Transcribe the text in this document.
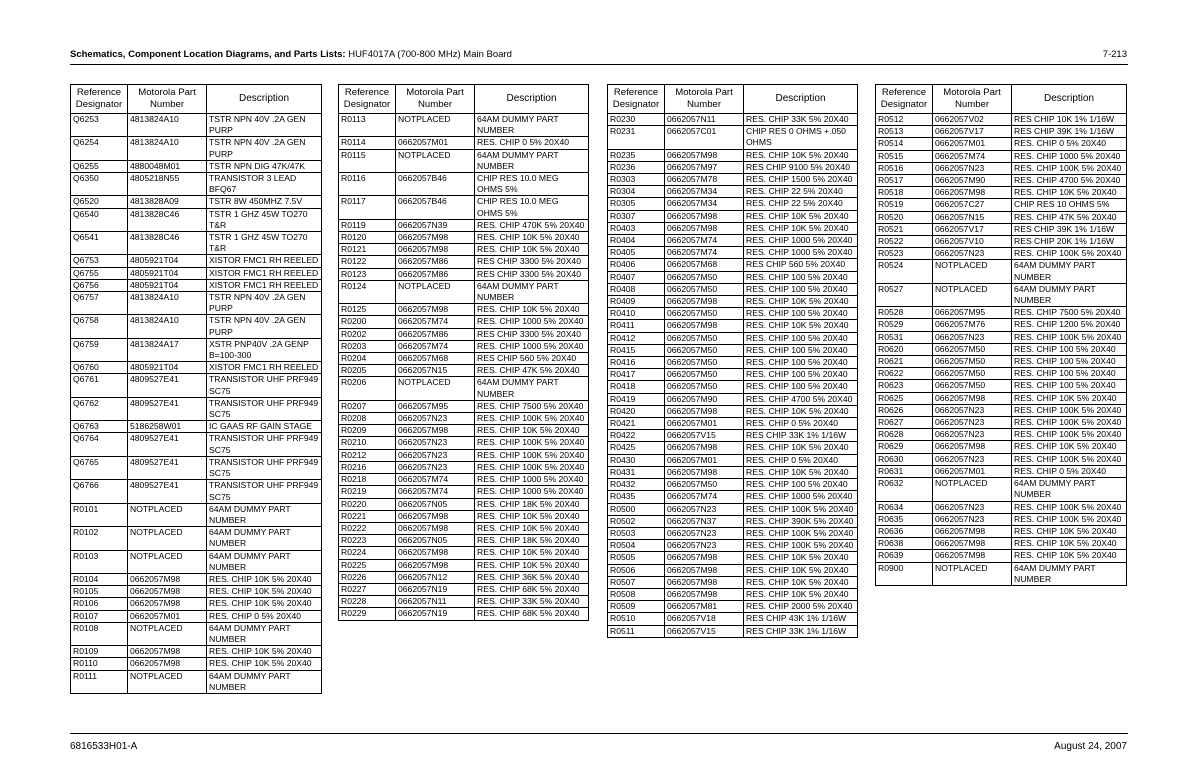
Schematics, Component Location Diagrams, and Parts Lists: HUF4017A (700-800 MHz) Main Board	7-213
Reference Designator	Motorola Part Number	Description
Q6253	4813824A10	TSTR NPN 40V .2A GEN PURP
Q6254	4813824A10	TSTR NPN 40V .2A GEN PURP
Q6255	4880048M01	TSTR NPN DIG 47K/47K
Q6350	4805218N55	TRANSISTOR 3 LEAD BFQ67
Q6520	4813828A09	TSTR 8W 450MHZ 7.5V
Q6540	4813828C46	TSTR 1 GHZ 45W TO270 T&R
Q6541	4813828C46	TSTR 1 GHZ 45W TO270 T&R
Q6753	4805921T04	XISTOR FMC1 RH REELED
Q6755	4805921T04	XISTOR FMC1 RH REELED
Q6756	4805921T04	XISTOR FMC1 RH REELED
Q6757	4813824A10	TSTR NPN 40V .2A GEN PURP
Q6758	4813824A10	TSTR NPN 40V .2A GEN PURP
Q6759	4813824A17	XSTR PNP40V .2A GENP B=100-300
Q6760	4805921T04	XISTOR FMC1 RH REELED
Q6761	4809527E41	TRANSISTOR UHF PRF949 SC75
Q6762	4809527E41	TRANSISTOR UHF PRF949 SC75
Q6763	5186258W01	IC GAAS RF GAIN STAGE
Q6764	4809527E41	TRANSISTOR UHF PRF949 SC75
Q6765	4809527E41	TRANSISTOR UHF PRF949 SC75
Q6766	4809527E41	TRANSISTOR UHF PRF949 SC75
R0101	NOTPLACED	64AM DUMMY PART NUMBER
R0102	NOTPLACED	64AM DUMMY PART NUMBER
R0103	NOTPLACED	64AM DUMMY PART NUMBER
R0104	0662057M98	RES. CHIP 10K 5% 20X40
R0105	0662057M98	RES. CHIP 10K 5% 20X40
R0106	0662057M98	RES. CHIP 10K 5% 20X40
R0107	0662057M01	RES. CHIP 0 5% 20X40
R0108	NOTPLACED	64AM DUMMY PART NUMBER
R0109	0662057M98	RES. CHIP 10K 5% 20X40
R0110	0662057M98	RES. CHIP 10K 5% 20X40
R0111	NOTPLACED	64AM DUMMY PART NUMBER
Reference Designator	Motorola Part Number	Description
R0113	NOTPLACED	64AM DUMMY PART NUMBER
R0114	0662057M01	RES. CHIP 0 5% 20X40
R0115	NOTPLACED	64AM DUMMY PART NUMBER
R0116	0662057B46	CHIP RES 10.0 MEG OHMS 5%
R0117	0662057B46	CHIP RES 10.0 MEG OHMS 5%
R0119	0662057N39	RES. CHIP 470K 5% 20X40
R0120	0662057M98	RES. CHIP 10K 5% 20X40
R0121	0662057M98	RES. CHIP 10K 5% 20X40
R0122	0662057M86	RES CHIP 3300 5% 20X40
R0123	0662057M86	RES CHIP 3300 5% 20X40
R0124	NOTPLACED	64AM DUMMY PART NUMBER
R0125	0662057M98	RES. CHIP 10K 5% 20X40
R0200	0662057M74	RES. CHIP 1000 5% 20X40
R0202	0662057M86	RES CHIP 3300 5% 20X40
R0203	0662057M74	RES. CHIP 1000 5% 20X40
R0204	0662057M68	RES CHIP 560 5% 20X40
R0205	0662057N15	RES. CHIP 47K 5% 20X40
R0206	NOTPLACED	64AM DUMMY PART NUMBER
R0207	0662057M95	RES. CHIP 7500 5% 20X40
R0208	0662057N23	RES. CHIP 100K 5% 20X40
R0209	0662057M98	RES. CHIP 10K 5% 20X40
R0210	0662057N23	RES. CHIP 100K 5% 20X40
R0212	0662057N23	RES. CHIP 100K 5% 20X40
R0216	0662057N23	RES. CHIP 100K 5% 20X40
R0218	0662057M74	RES. CHIP 1000 5% 20X40
R0219	0662057M74	RES. CHIP 1000 5% 20X40
R0220	0662057N05	RES. CHIP 18K 5% 20X40
R0221	0662057M98	RES. CHIP 10K 5% 20X40
R0222	0662057M98	RES. CHIP 10K 5% 20X40
R0223	0662057N05	RES. CHIP 18K 5% 20X40
R0224	0662057M98	RES. CHIP 10K 5% 20X40
R0225	0662057M98	RES. CHIP 10K 5% 20X40
R0226	0662057N12	RES. CHIP 36K 5% 20X40
R0227	0662057N19	RES. CHIP 68K 5% 20X40
R0228	0662057N11	RES. CHIP 33K 5% 20X40
R0229	0662057N19	RES. CHIP 68K 5% 20X40
Reference Designator	Motorola Part Number	Description
R0230	0662057N11	RES. CHIP 33K 5% 20X40
R0231	0662057C01	CHIP RES 0 OHMS +.050 OHMS
R0235	0662057M98	RES. CHIP 10K 5% 20X40
R0236	0662057M97	RES CHIP 9100 5% 20X40
R0303	0662057M78	RES. CHIP 1500 5% 20X40
R0304	0662057M34	RES. CHIP 22 5% 20X40
R0305	0662057M34	RES. CHIP 22 5% 20X40
R0307	0662057M98	RES. CHIP 10K 5% 20X40
R0403	0662057M98	RES. CHIP 10K 5% 20X40
R0404	0662057M74	RES. CHIP 1000 5% 20X40
R0405	0662057M74	RES. CHIP 1000 5% 20X40
R0406	0662057M68	RES CHIP 560 5% 20X40
R0407	0662057M50	RES. CHIP 100 5% 20X40
R0408	0662057M50	RES. CHIP 100 5% 20X40
R0409	0662057M98	RES. CHIP 10K 5% 20X40
R0410	0662057M50	RES. CHIP 100 5% 20X40
R0411	0662057M98	RES. CHIP 10K 5% 20X40
R0412	0662057M50	RES. CHIP 100 5% 20X40
R0415	0662057M50	RES. CHIP 100 5% 20X40
R0416	0662057M50	RES. CHIP 100 5% 20X40
R0417	0662057M50	RES. CHIP 100 5% 20X40
R0418	0662057M50	RES. CHIP 100 5% 20X40
R0419	0662057M90	RES. CHIP 4700 5% 20X40
R0420	0662057M98	RES. CHIP 10K 5% 20X40
R0421	0662057M01	RES. CHIP 0 5% 20X40
R0422	0662057V15	RES CHIP 33K 1% 1/16W
R0425	0662057M98	RES. CHIP 10K 5% 20X40
R0430	0662057M01	RES. CHIP 0 5% 20X40
R0431	0662057M98	RES. CHIP 10K 5% 20X40
R0432	0662057M50	RES. CHIP 100 5% 20X40
R0435	0662057M74	RES. CHIP 1000 5% 20X40
R0500	0662057N23	RES. CHIP 100K 5% 20X40
R0502	0662057N37	RES. CHIP 390K 5% 20X40
R0503	0662057N23	RES. CHIP 100K 5% 20X40
R0504	0662057N23	RES. CHIP 100K 5% 20X40
R0505	0662057M98	RES. CHIP 10K 5% 20X40
R0506	0662057M98	RES. CHIP 10K 5% 20X40
R0507	0662057M98	RES. CHIP 10K 5% 20X40
R0508	0662057M98	RES. CHIP 10K 5% 20X40
R0509	0662057M81	RES. CHIP 2000 5% 20X40
R0510	0662057V18	RES CHIP 43K 1% 1/16W
R0511	0662057V15	RES CHIP 33K 1% 1/16W
Reference Designator	Motorola Part Number	Description
R0512	0662057V02	RES CHIP 10K 1% 1/16W
R0513	0662057V17	RES CHIP 39K 1% 1/16W
R0514	0662057M01	RES. CHIP 0 5% 20X40
R0515	0662057M74	RES. CHIP 1000 5% 20X40
R0516	0662057N23	RES. CHIP 100K 5% 20X40
R0517	0662057M90	RES. CHIP 4700 5% 20X40
R0518	0662057M98	RES. CHIP 10K 5% 20X40
R0519	0662057C27	CHIP RES 10 OHMS 5%
R0520	0662057N15	RES. CHIP 47K 5% 20X40
R0521	0662057V17	RES CHIP 39K 1% 1/16W
R0522	0662057V10	RES CHIP 20K 1% 1/16W
R0523	0662057N23	RES. CHIP 100K 5% 20X40
R0524	NOTPLACED	64AM DUMMY PART NUMBER
R0527	NOTPLACED	64AM DUMMY PART NUMBER
R0528	0662057M95	RES. CHIP 7500 5% 20X40
R0529	0662057M76	RES. CHIP 1200 5% 20X40
R0531	0662057N23	RES. CHIP 100K 5% 20X40
R0620	0662057M50	RES. CHIP 100 5% 20X40
R0621	0662057M50	RES. CHIP 100 5% 20X40
R0622	0662057M50	RES. CHIP 100 5% 20X40
R0623	0662057M50	RES. CHIP 100 5% 20X40
R0625	0662057M98	RES. CHIP 10K 5% 20X40
R0626	0662057N23	RES. CHIP 100K 5% 20X40
R0627	0662057N23	RES. CHIP 100K 5% 20X40
R0628	0662057N23	RES. CHIP 100K 5% 20X40
R0629	0662057M98	RES. CHIP 10K 5% 20X40
R0630	0662057N23	RES. CHIP 100K 5% 20X40
R0631	0662057M01	RES. CHIP 0 5% 20X40
R0632	NOTPLACED	64AM DUMMY PART NUMBER
R0634	0662057N23	RES. CHIP 100K 5% 20X40
R0635	0662057N23	RES. CHIP 100K 5% 20X40
R0636	0662057M98	RES. CHIP 10K 5% 20X40
R0638	0662057M98	RES. CHIP 10K 5% 20X40
R0639	0662057M98	RES. CHIP 10K 5% 20X40
R0900	NOTPLACED	64AM DUMMY PART NUMBER
6816533H01-A	August 24, 2007
